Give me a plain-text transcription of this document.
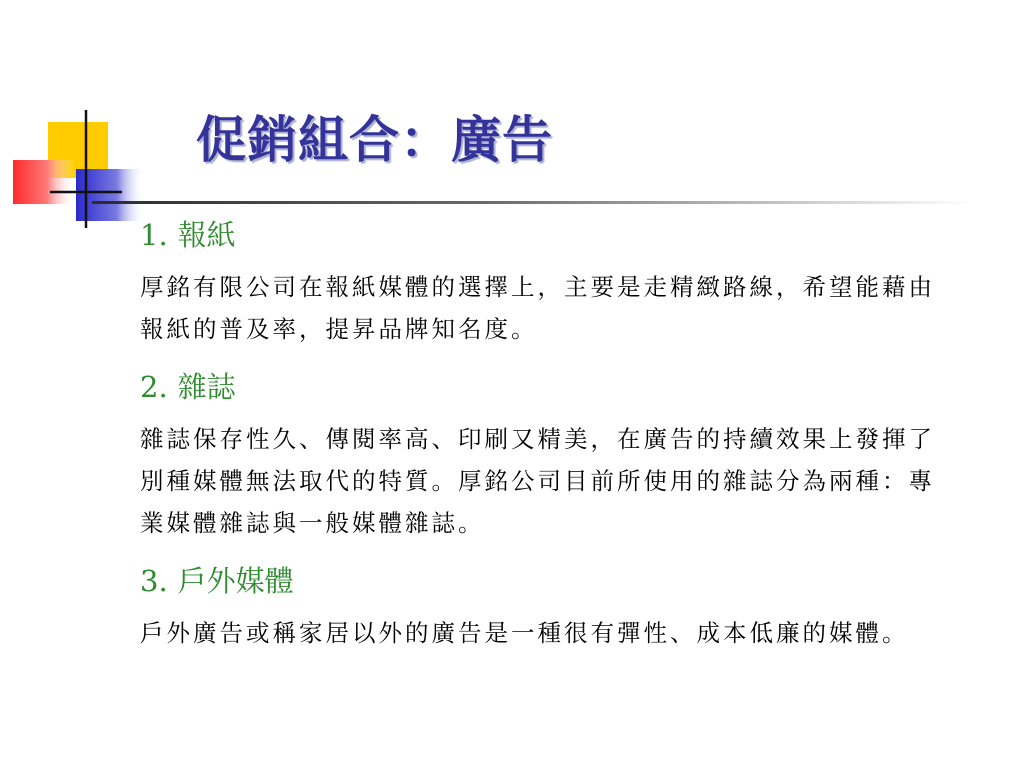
促銷組合：廣告
1. 報紙

厚銘有限公司在報紙媒體的選擇上，主要是走精緻路線，希望能藉由報紙的普及率，提昇品牌知名度。

2. 雜誌

雜誌保存性久、傳閱率高、印刷又精美，在廣告的持續效果上發揮了別種媒體無法取代的特質。厚銘公司目前所使用的雜誌分為兩種：專業媒體雜誌與一般媒體雜誌。

3. 戶外媒體

戶外廣告或稱家居以外的廣告是一種很有彈性、成本低廉的媒體。
